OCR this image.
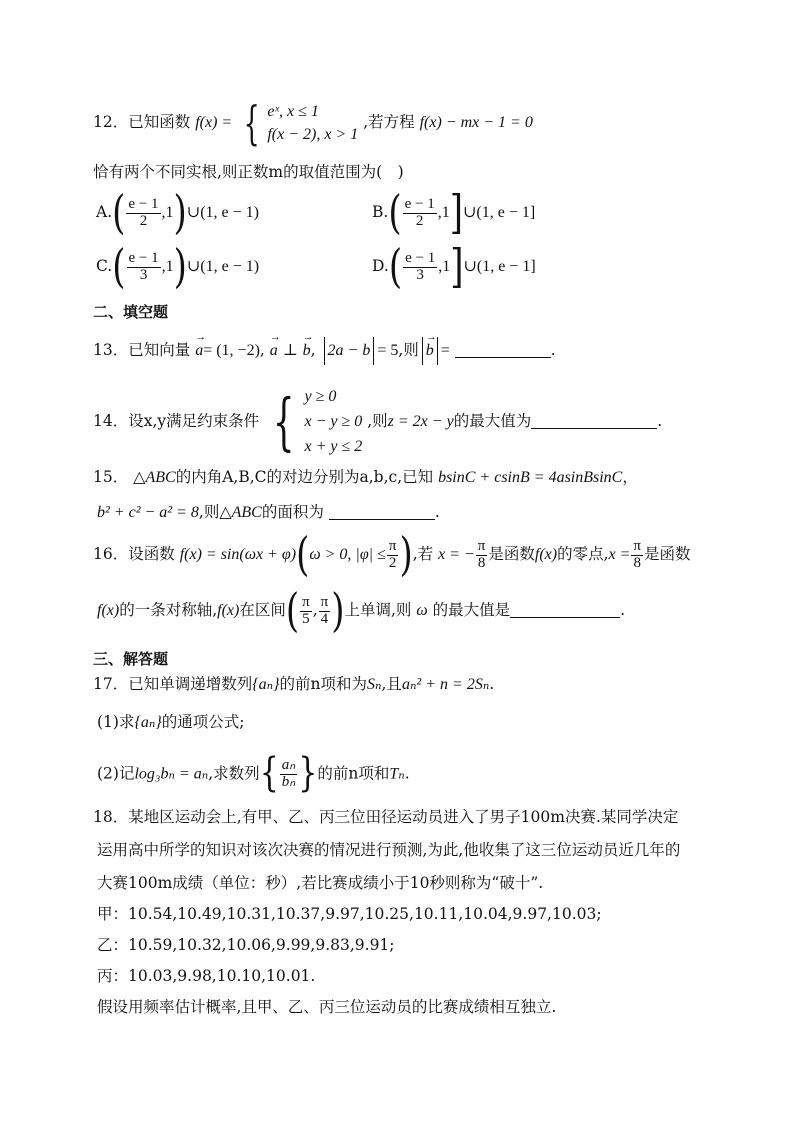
12．已知函数 f(x) = { eˣ, x ≤ 1
f(x − 2), x > 1
,若方程 f(x) − mx − 1 = 0
恰有两个不同实根,则正数m的取值范围为(　)
$A.( \frac{e - 1}{2}$ ,1)∪(1, e − 1)	$B.( \frac{e - 1}{2}$ ,1]∪(1, e − 1]
$C.( \frac{e - 1}{3}$ ,1)∪(1, e − 1)	$D.( \frac{e - 1}{3}$ ,1]∪(1, e − 1]
二、填空题
13．已知向量 → a= (1, −2), → a ⊥ → b, 2a − b = 5,则 → b =	.
14．设x,y满足约束条件 { y ≥ 0
x − y ≥ 0
x + y ≤ 2
,则z = 2x − y的最大值为	.
15． △ABC的内角A,B,C的对边分别为a,b,c,已知 bsinC + csinB = 4asinBsinC，
b² + c² − a² = 8,则△ABC的面积为	.
16．设函数 f(x) = sin(ωx + φ)(ω > 0, $|\varphi| \le \frac{\pi}{2}$ ),若 x = − $\frac{\pi}{8}$ 是函数f(x)的零点$,x = \frac{\pi}{8}$ 是函数
f(x)的一条对称轴,f(x)在区间( $\frac{\pi}{5}$ , $\frac{\pi}{4}$ )上单调,则 ω 的最大值是	.
三、解答题
17．已知单调递增数列{aₙ}的前n项和为Sₙ,且aₙ² + n = 2Sₙ.
(1)求{aₙ}的通项公式;
(2)记log₃bₙ = aₙ,求数列{ $\frac{\text{aₙ}}{\text{bₙ}}$ }的前n项和Tₙ.
18．某地区运动会上,有甲、乙、丙三位田径运动员进入了男子100m决赛.某同学决定
运用高中所学的知识对该次决赛的情况进行预测,为此,他收集了这三位运动员近几年的
大赛100m成绩（单位：秒）,若比赛成绩小于10秒则称为“破十”.
甲：10.54,10.49,10.31,10.37,9.97,10.25,10.11,10.04,9.97,10.03;
乙：10.59,10.32,10.06,9.99,9.83,9.91;
丙：10.03,9.98,10.10,10.01.
假设用频率估计概率,且甲、乙、丙三位运动员的比赛成绩相互独立.
